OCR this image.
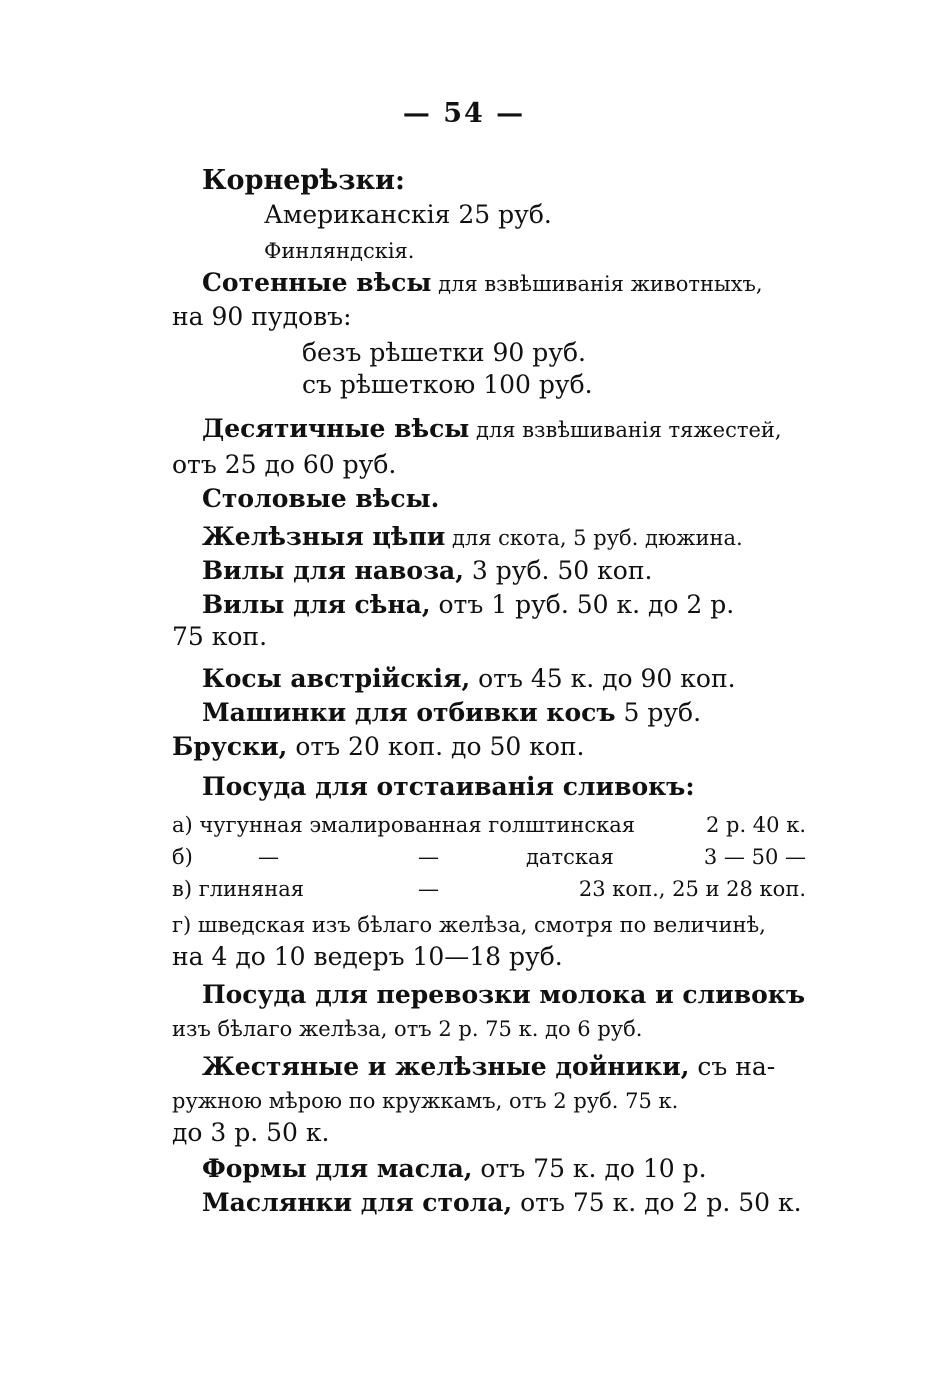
— 54 —
Корнерѣзки:
Американскія 25 руб.
Финляндскія.
Сотенные вѣсы для взвѣшиванія животныхъ,
на 90 пудовъ:
безъ рѣшетки 90 руб.
съ рѣшеткою 100 руб.
Десятичные вѣсы для взвѣшиванія тяжестей,
отъ 25 до 60 руб.
Столовые вѣсы.
Желѣзныя цѣпи для скота, 5 руб. дюжина.
Вилы для навоза, 3 руб. 50 коп.
Вилы для сѣна, отъ 1 руб. 50 к. до 2 р.
75 коп.
Косы австрійскія, отъ 45 к. до 90 коп.
Машинки для отбивки косъ 5 руб.
Бруски, отъ 20 коп. до 50 коп.
Посуда для отстаиванія сливокъ:
а) чугунная эмалированная голштинская	2 р. 40 к.
б)	—	—	датская	3 — 50 —
в) глиняная	—	23 коп., 25 и 28 коп.
г) шведская изъ бѣлаго желѣза, смотря по величинѣ,
на 4 до 10 ведеръ 10—18 руб.
Посуда для перевозки молока и сливокъ
изъ бѣлаго желѣза, отъ 2 р. 75 к. до 6 руб.
Жестяные и желѣзные дойники, съ на-
ружною мѣрою по кружкамъ, отъ 2 руб. 75 к.
до 3 р. 50 к.
Формы для масла, отъ 75 к. до 10 р.
Маслянки для стола, отъ 75 к. до 2 р. 50 к.
